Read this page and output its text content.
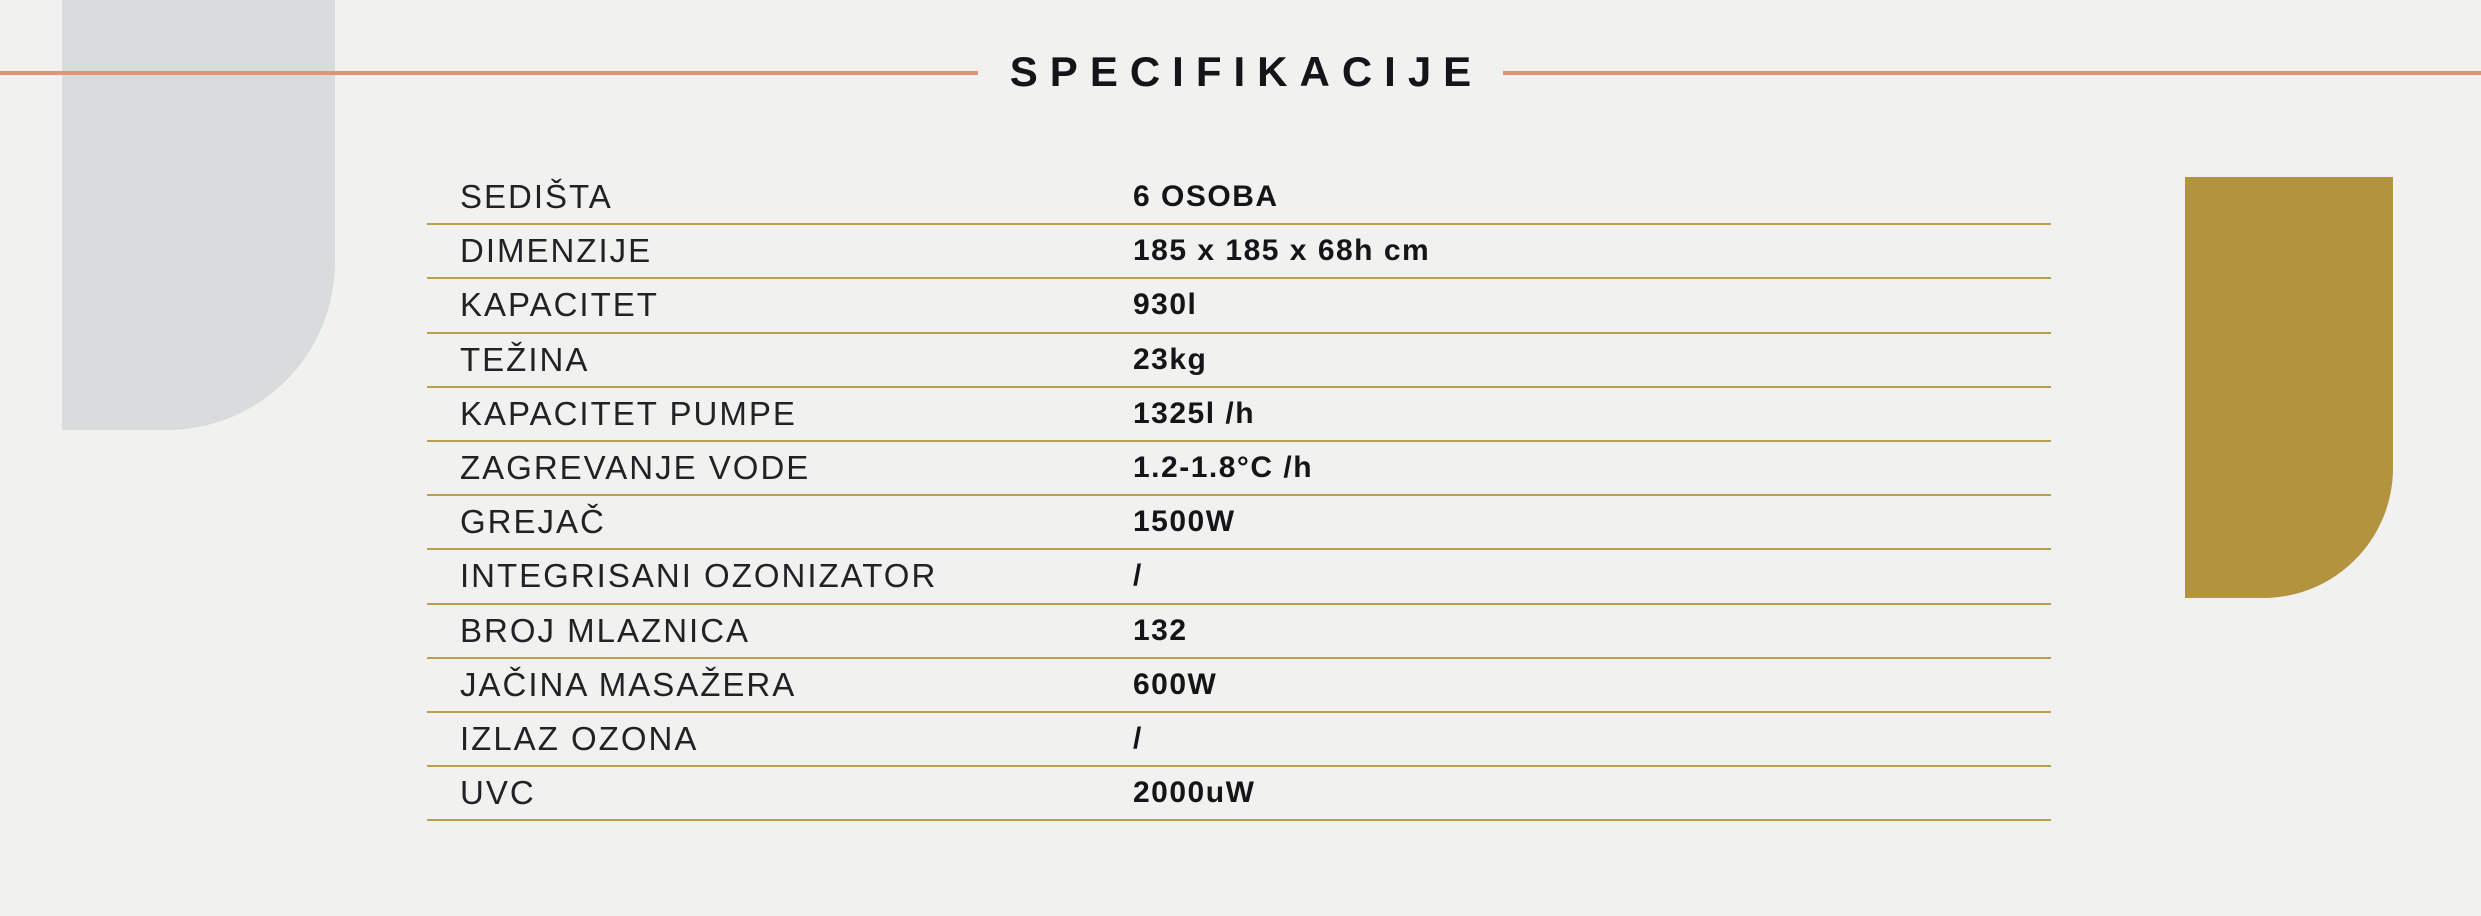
SPECIFIKACIJE
SEDIŠTA	6 OSOBA
DIMENZIJE	185 x 185 x 68h cm
KAPACITET	930l
TEŽINA	23kg
KAPACITET PUMPE	1325l /h
ZAGREVANJE VODE	1.2-1.8°C /h
GREJAČ	1500W
INTEGRISANI OZONIZATOR	/
BROJ MLAZNICA	132
JAČINA MASAŽERA	600W
IZLAZ OZONA	/
UVC	2000uW
